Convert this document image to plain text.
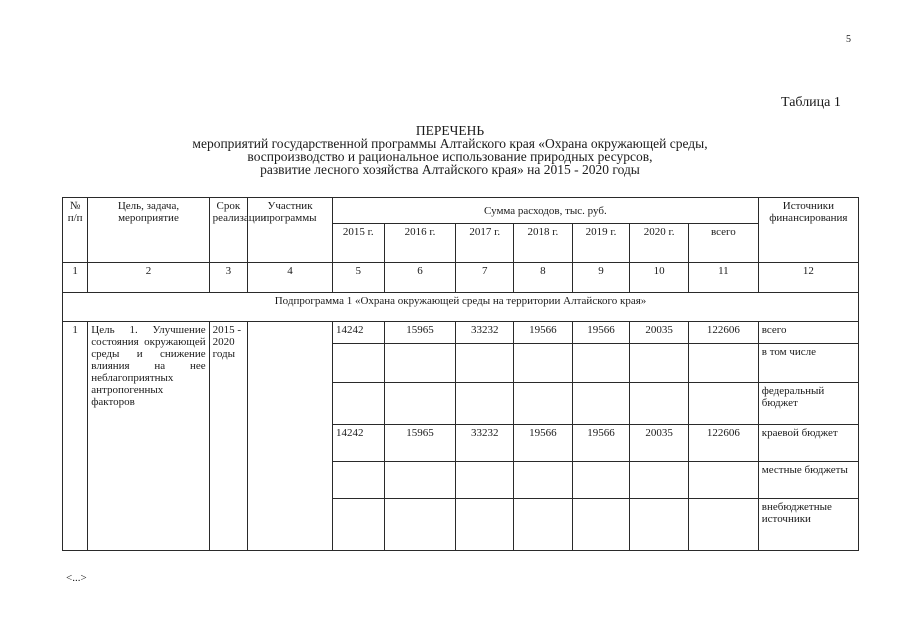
5
Таблица 1
ПЕРЕЧЕНЬ
мероприятий государственной программы Алтайского края «Охрана окружающей среды,
воспроизводство и рациональное использование природных ресурсов,
развитие лесного хозяйства Алтайского края» на 2015 - 2020 годы
№ п/п	Цель, задача, мероприятие	Срок реализации	Участник программы	Сумма расходов, тыс. руб.							Источники финансирования
				2015 г.	2016 г.	2017 г.	2018 г.	2019 г.	2020 г.	всего	
1	2	3	4	5	6	7	8	9	10	11	12
Подпрограмма 1 «Охрана окружающей среды на территории Алтайского края»											
1	Цель 1. Улучшение состояния окружающей среды и снижение влияния на нее неблагоприятных антропогенных факторов	2015 - 2020 годы		14242	15965	33232	19566	19566	20035	122606	всего
											в том числе
											федеральный бюджет
				14242	15965	33232	19566	19566	20035	122606	краевой бюджет
											местные бюджеты
											внебюджетные источники
<...>
